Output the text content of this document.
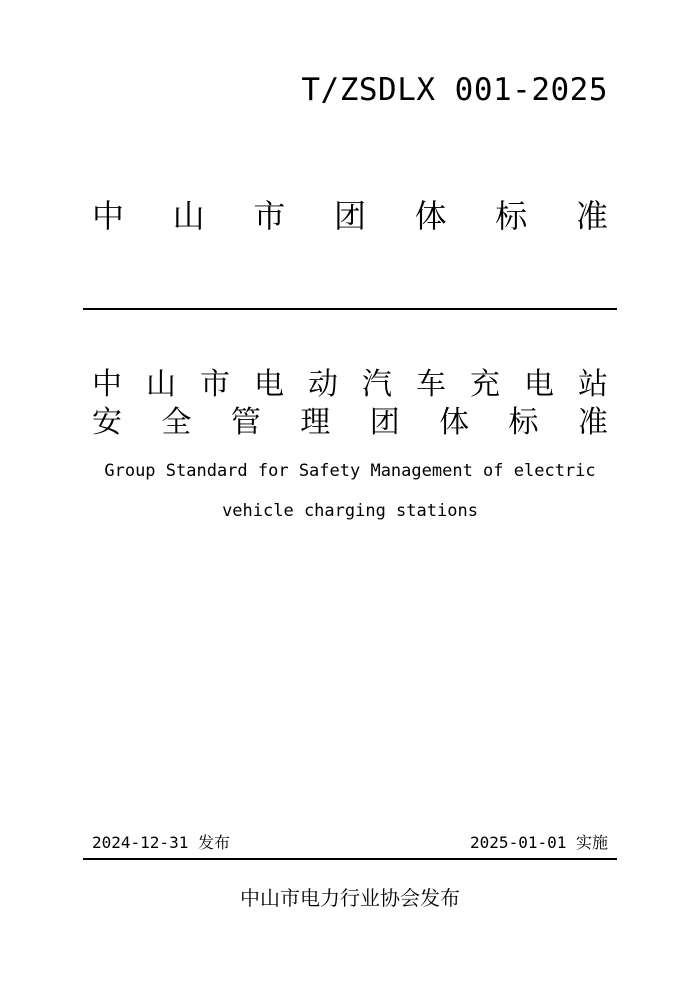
T/ZSDLX 001-2025
中 山 市 团 体 标 准
中 山 市 电 动 汽 车 充 电 站
安 全 管 理 团 体 标 准
Group Standard for Safety Management of electric
vehicle charging stations
2024-12-31 发布	2025-01-01 实施
中山市电力行业协会发布
